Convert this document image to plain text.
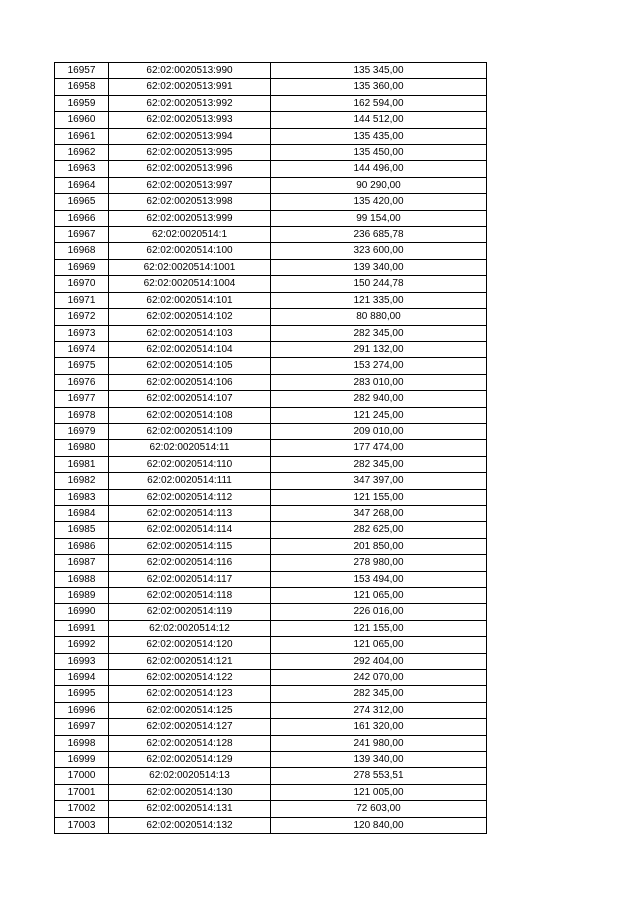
16957	62:02:0020513:990	135 345,00
16958	62:02:0020513:991	135 360,00
16959	62:02:0020513:992	162 594,00
16960	62:02:0020513:993	144 512,00
16961	62:02:0020513:994	135 435,00
16962	62:02:0020513:995	135 450,00
16963	62:02:0020513:996	144 496,00
16964	62:02:0020513:997	90 290,00
16965	62:02:0020513:998	135 420,00
16966	62:02:0020513:999	99 154,00
16967	62:02:0020514:1	236 685,78
16968	62:02:0020514:100	323 600,00
16969	62:02:0020514:1001	139 340,00
16970	62:02:0020514:1004	150 244,78
16971	62:02:0020514:101	121 335,00
16972	62:02:0020514:102	80 880,00
16973	62:02:0020514:103	282 345,00
16974	62:02:0020514:104	291 132,00
16975	62:02:0020514:105	153 274,00
16976	62:02:0020514:106	283 010,00
16977	62:02:0020514:107	282 940,00
16978	62:02:0020514:108	121 245,00
16979	62:02:0020514:109	209 010,00
16980	62:02:0020514:11	177 474,00
16981	62:02:0020514:110	282 345,00
16982	62:02:0020514:111	347 397,00
16983	62:02:0020514:112	121 155,00
16984	62:02:0020514:113	347 268,00
16985	62:02:0020514:114	282 625,00
16986	62:02:0020514:115	201 850,00
16987	62:02:0020514:116	278 980,00
16988	62:02:0020514:117	153 494,00
16989	62:02:0020514:118	121 065,00
16990	62:02:0020514:119	226 016,00
16991	62:02:0020514:12	121 155,00
16992	62:02:0020514:120	121 065,00
16993	62:02:0020514:121	292 404,00
16994	62:02:0020514:122	242 070,00
16995	62:02:0020514:123	282 345,00
16996	62:02:0020514:125	274 312,00
16997	62:02:0020514:127	161 320,00
16998	62:02:0020514:128	241 980,00
16999	62:02:0020514:129	139 340,00
17000	62:02:0020514:13	278 553,51
17001	62:02:0020514:130	121 005,00
17002	62:02:0020514:131	72 603,00
17003	62:02:0020514:132	120 840,00
